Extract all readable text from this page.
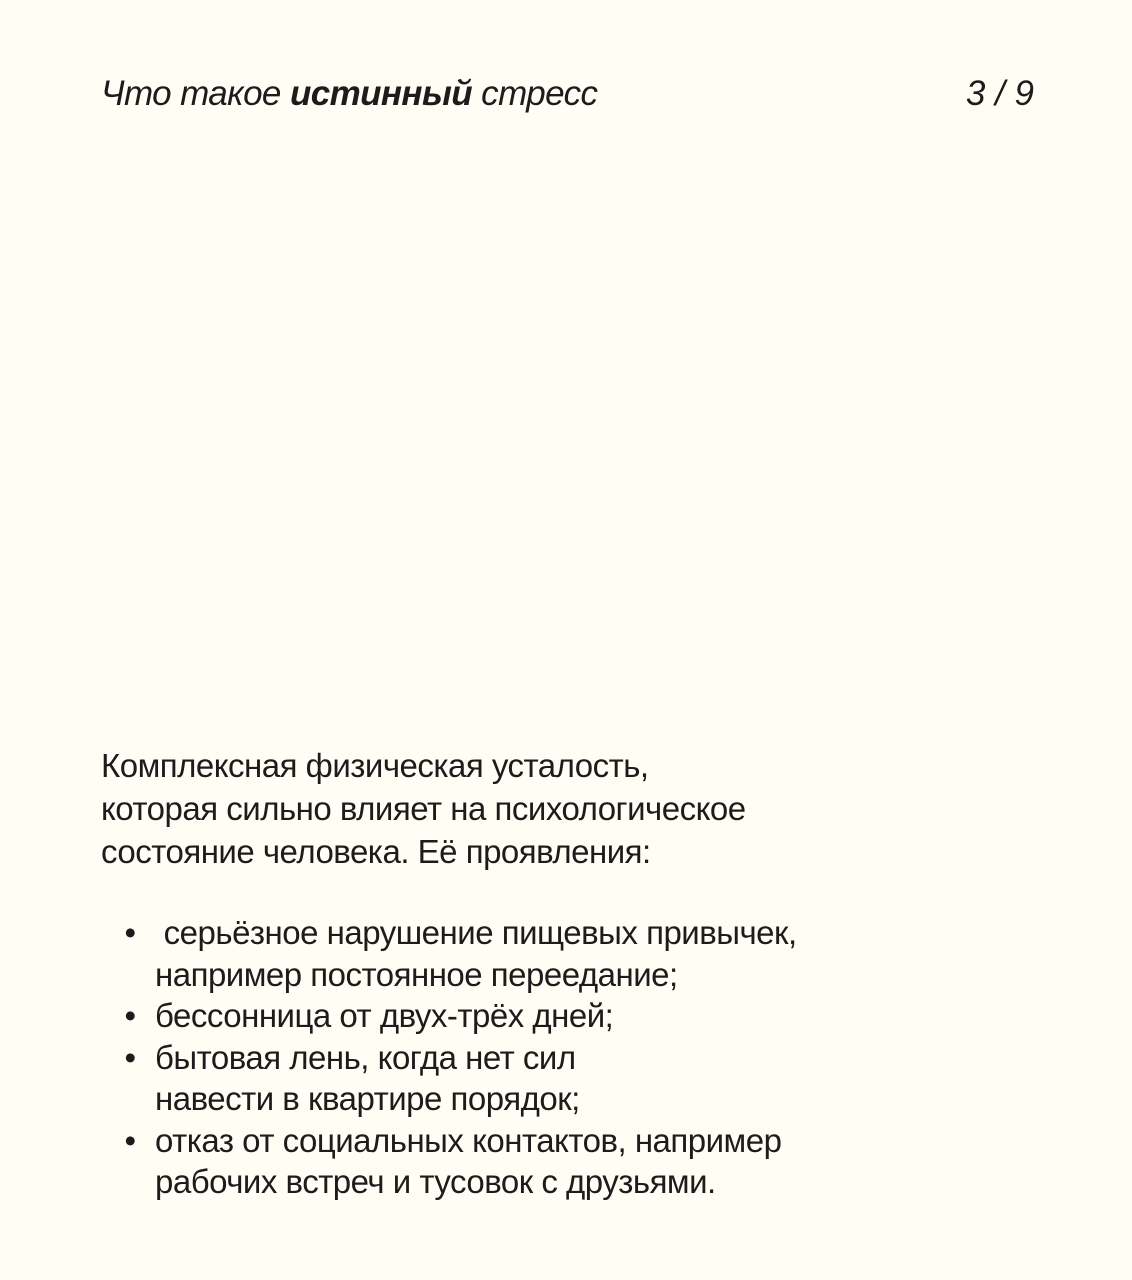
Что такое истинный стресс	3 / 9
Комплексная физическая усталость,
которая сильно влияет на психологическое
состояние человека. Её проявления:
• серьёзное нарушение пищевых привычек,
например постоянное переедание;
• бессонница от двух-трёх дней;
• бытовая лень, когда нет сил
навести в квартире порядок;
• отказ от социальных контактов, например
рабочих встреч и тусовок с друзьями.
